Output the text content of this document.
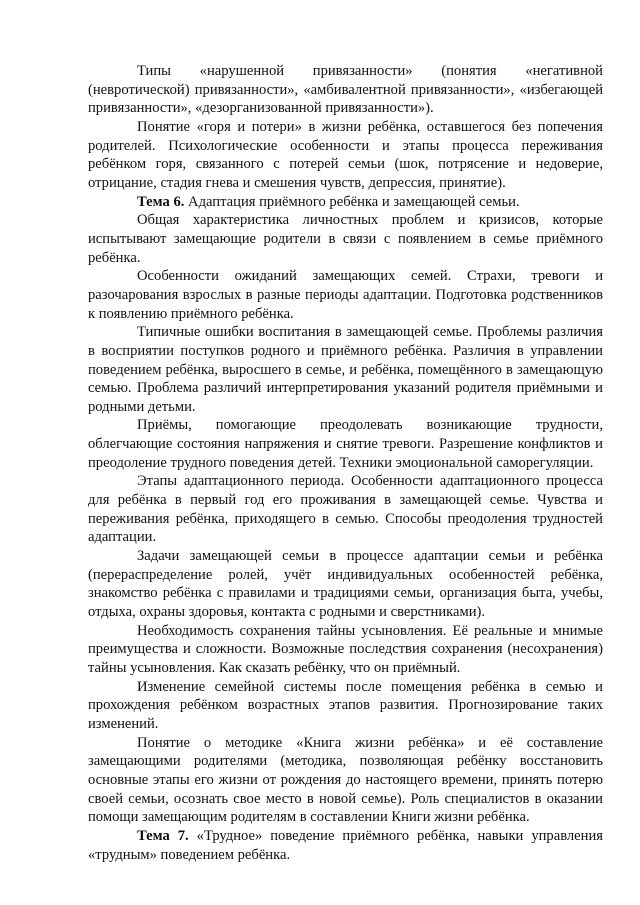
Типы «нарушенной привязанности» (понятия «негативной (невротической) привязанности», «амбивалентной привязанности», «избегающей привязанности», «дезорганизованной привязанности»).

Понятие «горя и потери» в жизни ребёнка, оставшегося без попечения родителей. Психологические особенности и этапы процесса переживания ребёнком горя, связанного с потерей семьи (шок, потрясение и недоверие, отрицание, стадия гнева и смешения чувств, депрессия, принятие).

Тема 6. Адаптация приёмного ребёнка и замещающей семьи.

Общая характеристика личностных проблем и кризисов, которые испытывают замещающие родители в связи с появлением в семье приёмного ребёнка.

Особенности ожиданий замещающих семей. Страхи, тревоги и разочарования взрослых в разные периоды адаптации. Подготовка родственников к появлению приёмного ребёнка.

Типичные ошибки воспитания в замещающей семье. Проблемы различия в восприятии поступков родного и приёмного ребёнка. Различия в управлении поведением ребёнка, выросшего в семье, и ребёнка, помещённого в замещающую семью. Проблема различий интерпретирования указаний родителя приёмными и родными детьми.

Приёмы, помогающие преодолевать возникающие трудности, облегчающие состояния напряжения и снятие тревоги. Разрешение конфликтов и преодоление трудного поведения детей. Техники эмоциональной саморегуляции.

Этапы адаптационного периода. Особенности адаптационного процесса для ребёнка в первый год его проживания в замещающей семье. Чувства и переживания ребёнка, приходящего в семью. Способы преодоления трудностей адаптации.

Задачи замещающей семьи в процессе адаптации семьи и ребёнка (перераспределение ролей, учёт индивидуальных особенностей ребёнка, знакомство ребёнка с правилами и традициями семьи, организация быта, учебы, отдыха, охраны здоровья, контакта с родными и сверстниками).

Необходимость сохранения тайны усыновления. Её реальные и мнимые преимущества и сложности. Возможные последствия сохранения (несохранения) тайны усыновления. Как сказать ребёнку, что он приёмный.

Изменение семейной системы после помещения ребёнка в семью и прохождения ребёнком возрастных этапов развития. Прогнозирование таких изменений.

Понятие о методике «Книга жизни ребёнка» и её составление замещающими родителями (методика, позволяющая ребёнку восстановить основные этапы его жизни от рождения до настоящего времени, принять потерю своей семьи, осознать свое место в новой семье). Роль специалистов в оказании помощи замещающим родителям в составлении Книги жизни ребёнка.

Тема 7. «Трудное» поведение приёмного ребёнка, навыки управления «трудным» поведением ребёнка.
